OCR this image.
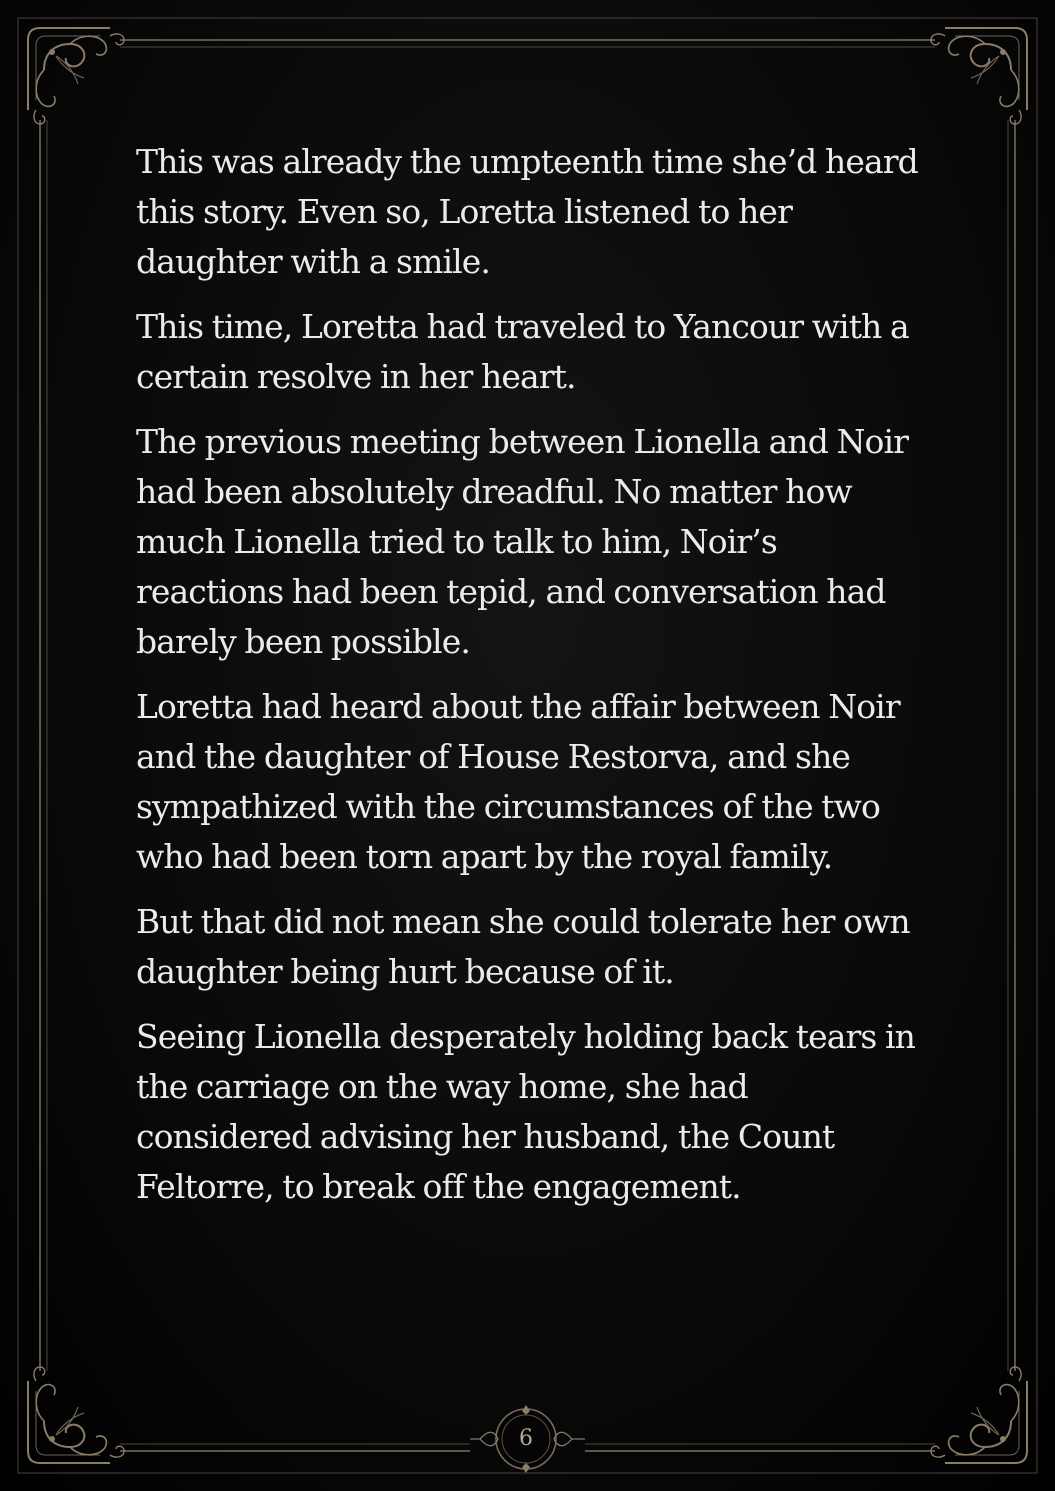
This was already the umpteenth time she’d heard this story. Even so, Loretta listened to her daughter with a smile.

This time, Loretta had traveled to Yancour with a certain resolve in her heart.

The previous meeting between Lionella and Noir had been absolutely dreadful. No matter how much Lionella tried to talk to him, Noir’s reactions had been tepid, and conversation had barely been possible.

Loretta had heard about the affair between Noir and the daughter of House Restorva, and she sympathized with the circumstances of the two who had been torn apart by the royal family.

But that did not mean she could tolerate her own daughter being hurt because of it.

Seeing Lionella desperately holding back tears in the carriage on the way home, she had considered advising her husband, the Count Feltorre, to break off the engagement.

6
